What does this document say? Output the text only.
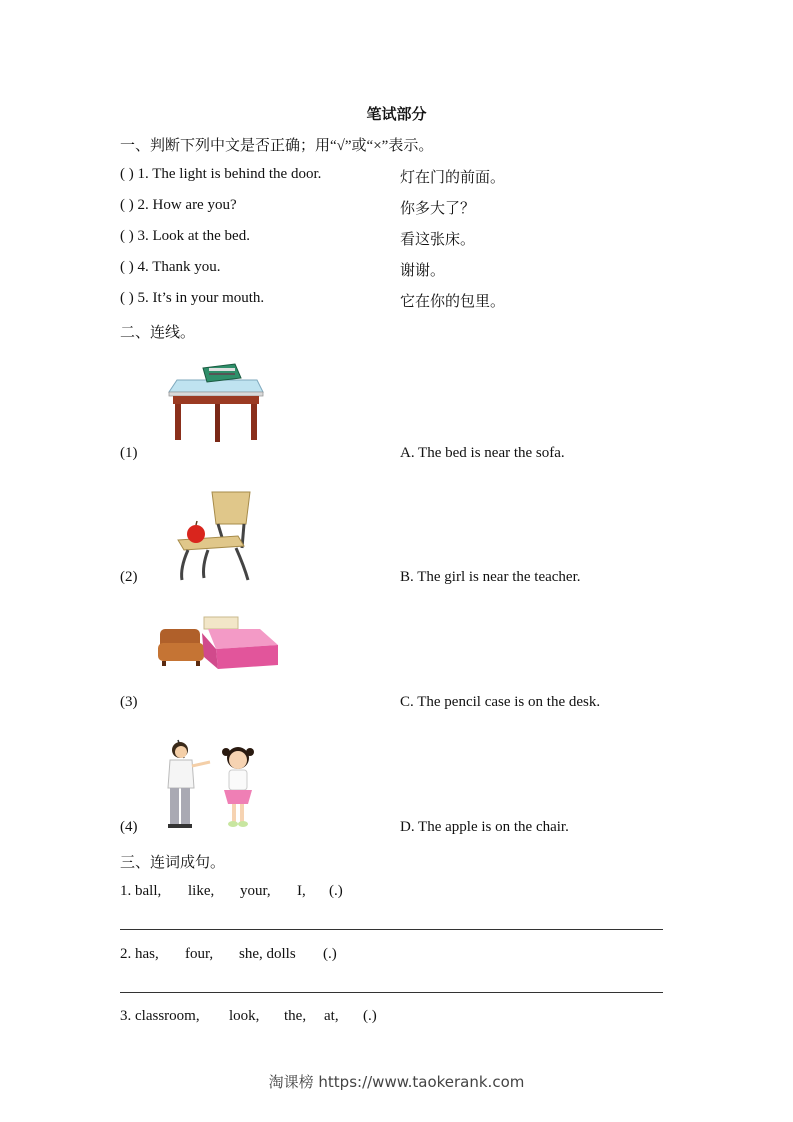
笔试部分
一、判断下列中文是否正确；用“√”或“×”表示。
( ) 1. The light is behind the door.	灯在门的前面。
( ) 2. How are you?	你多大了？
( ) 3. Look at the bed.	看这张床。
( ) 4. Thank you.	谢谢。
( ) 5. It’s in your mouth.	它在你的包里。
二、连线。
(1)	A. The bed is near the sofa.
(2)	B. The girl is near the teacher.
(3)	C. The pencil case is on the desk.
(4)	D. The apple is on the chair.
三、连词成句。
1. ball, like, your, I, (.)
2. has, four, she, dolls (.)
3. classroom, look, the, at, (.)
淘课榜 https://www.taokerank.com
